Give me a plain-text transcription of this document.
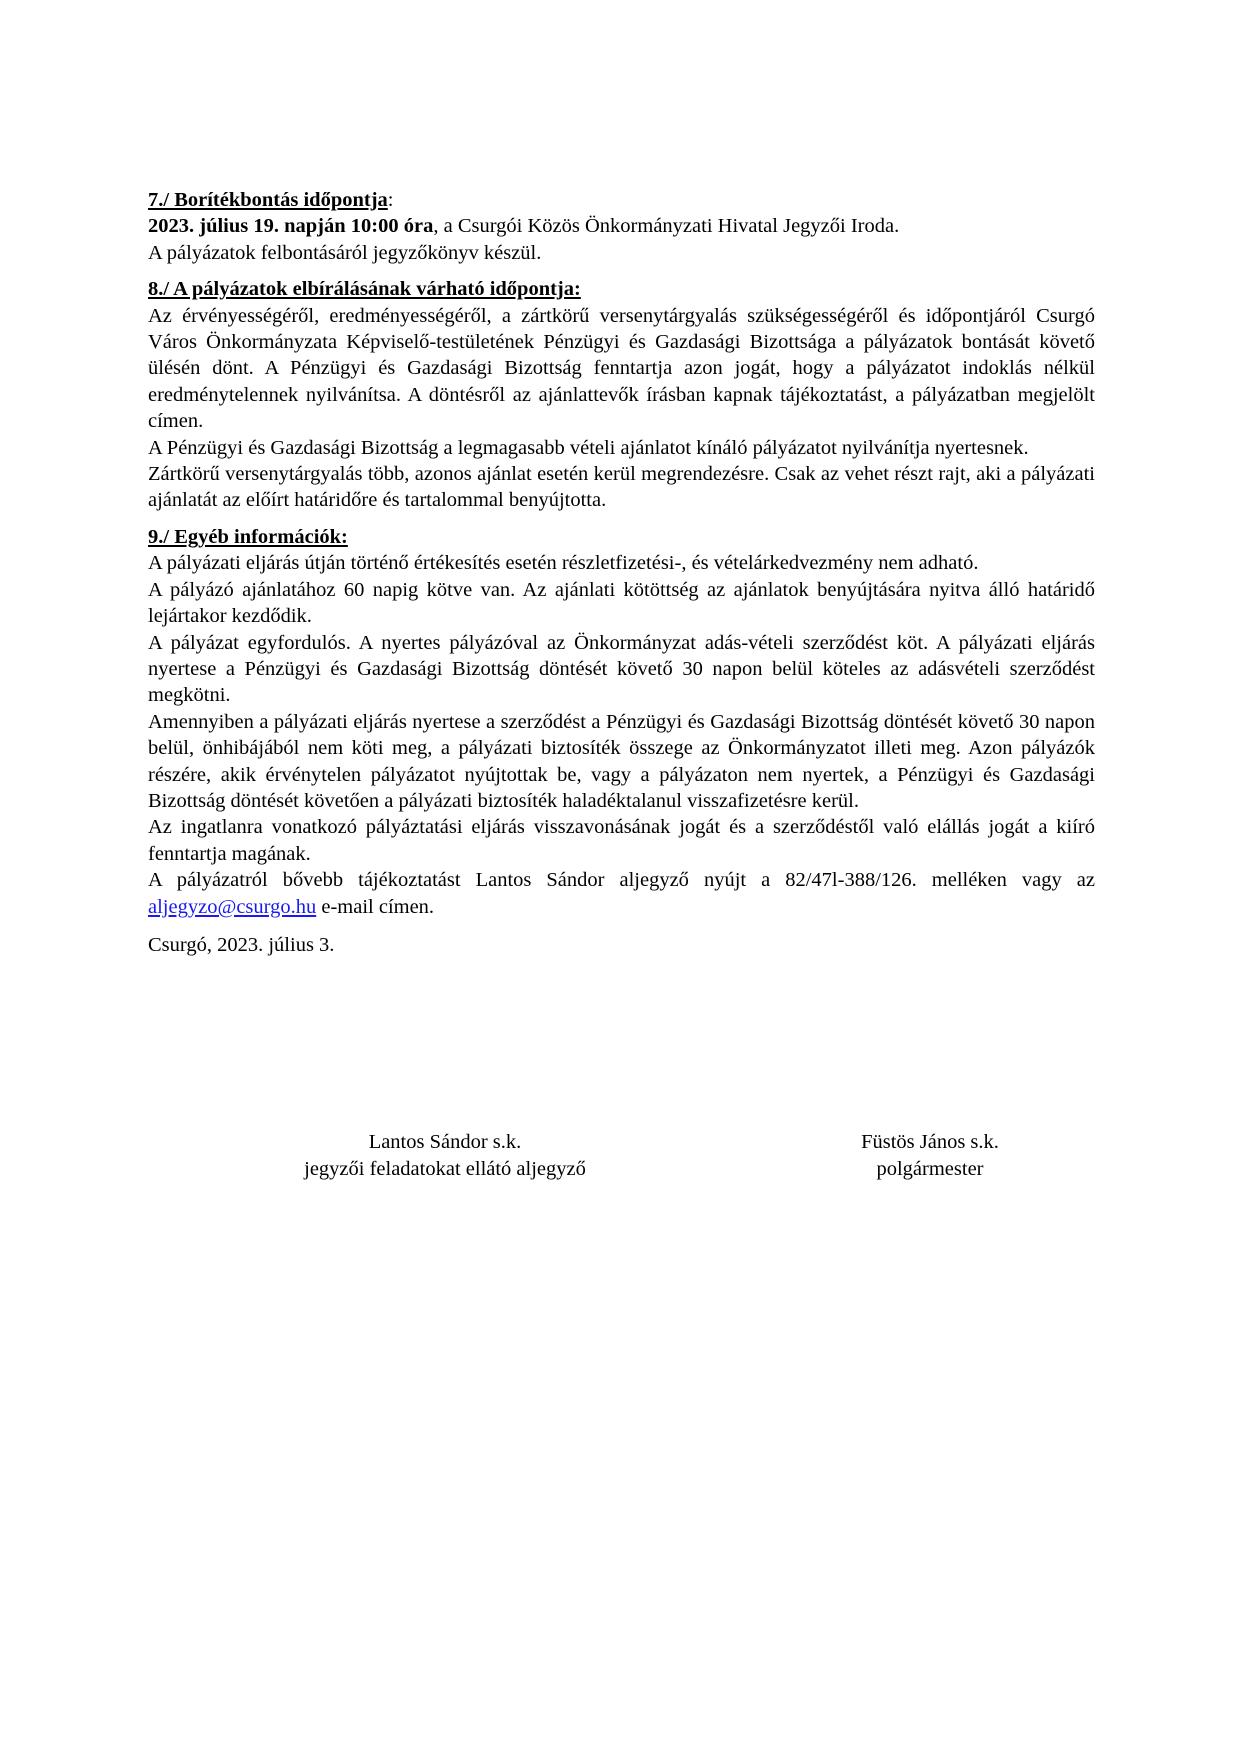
7./ Borítékbontás időpontja:

2023. július 19. napján 10:00 óra, a Csurgói Közös Önkormányzati Hivatal Jegyzői Iroda.

A pályázatok felbontásáról jegyzőkönyv készül.

8./ A pályázatok elbírálásának várható időpontja:

Az érvényességéről, eredményességéről, a zártkörű versenytárgyalás szükségességéről és időpontjáról Csurgó Város Önkormányzata Képviselő-testületének Pénzügyi és Gazdasági Bizottsága a pályázatok bontását követő ülésén dönt. A Pénzügyi és Gazdasági Bizottság fenntartja azon jogát, hogy a pályázatot indoklás nélkül eredménytelennek nyilvánítsa. A döntésről az ajánlattevők írásban kapnak tájékoztatást, a pályázatban megjelölt címen.

A Pénzügyi és Gazdasági Bizottság a legmagasabb vételi ajánlatot kínáló pályázatot nyilvánítja nyertesnek.

Zártkörű versenytárgyalás több, azonos ajánlat esetén kerül megrendezésre. Csak az vehet részt rajt, aki a pályázati ajánlatát az előírt határidőre és tartalommal benyújtotta.

9./ Egyéb információk:

A pályázati eljárás útján történő értékesítés esetén részletfizetési-, és vételárkedvezmény nem adható.

A pályázó ajánlatához 60 napig kötve van. Az ajánlati kötöttség az ajánlatok benyújtására nyitva álló határidő lejártakor kezdődik.

A pályázat egyfordulós. A nyertes pályázóval az Önkormányzat adás-vételi szerződést köt. A pályázati eljárás nyertese a Pénzügyi és Gazdasági Bizottság döntését követő 30 napon belül köteles az adásvételi szerződést megkötni.

Amennyiben a pályázati eljárás nyertese a szerződést a Pénzügyi és Gazdasági Bizottság döntését követő 30 napon belül, önhibájából nem köti meg, a pályázati biztosíték összege az Önkormányzatot illeti meg. Azon pályázók részére, akik érvénytelen pályázatot nyújtottak be, vagy a pályázaton nem nyertek, a Pénzügyi és Gazdasági Bizottság döntését követően a pályázati biztosíték haladéktalanul visszafizetésre kerül.

Az ingatlanra vonatkozó pályáztatási eljárás visszavonásának jogát és a szerződéstől való elállás jogát a kiíró fenntartja magának.

A pályázatról bővebb tájékoztatást Lantos Sándor aljegyző nyújt a 82/47l-388/126. melléken vagy az aljegyzo@csurgo.hu e-mail címen.

Csurgó, 2023. július 3.

Lantos Sándor s.k.
jegyzői feladatokat ellátó aljegyző
Füstös János s.k.
polgármester
